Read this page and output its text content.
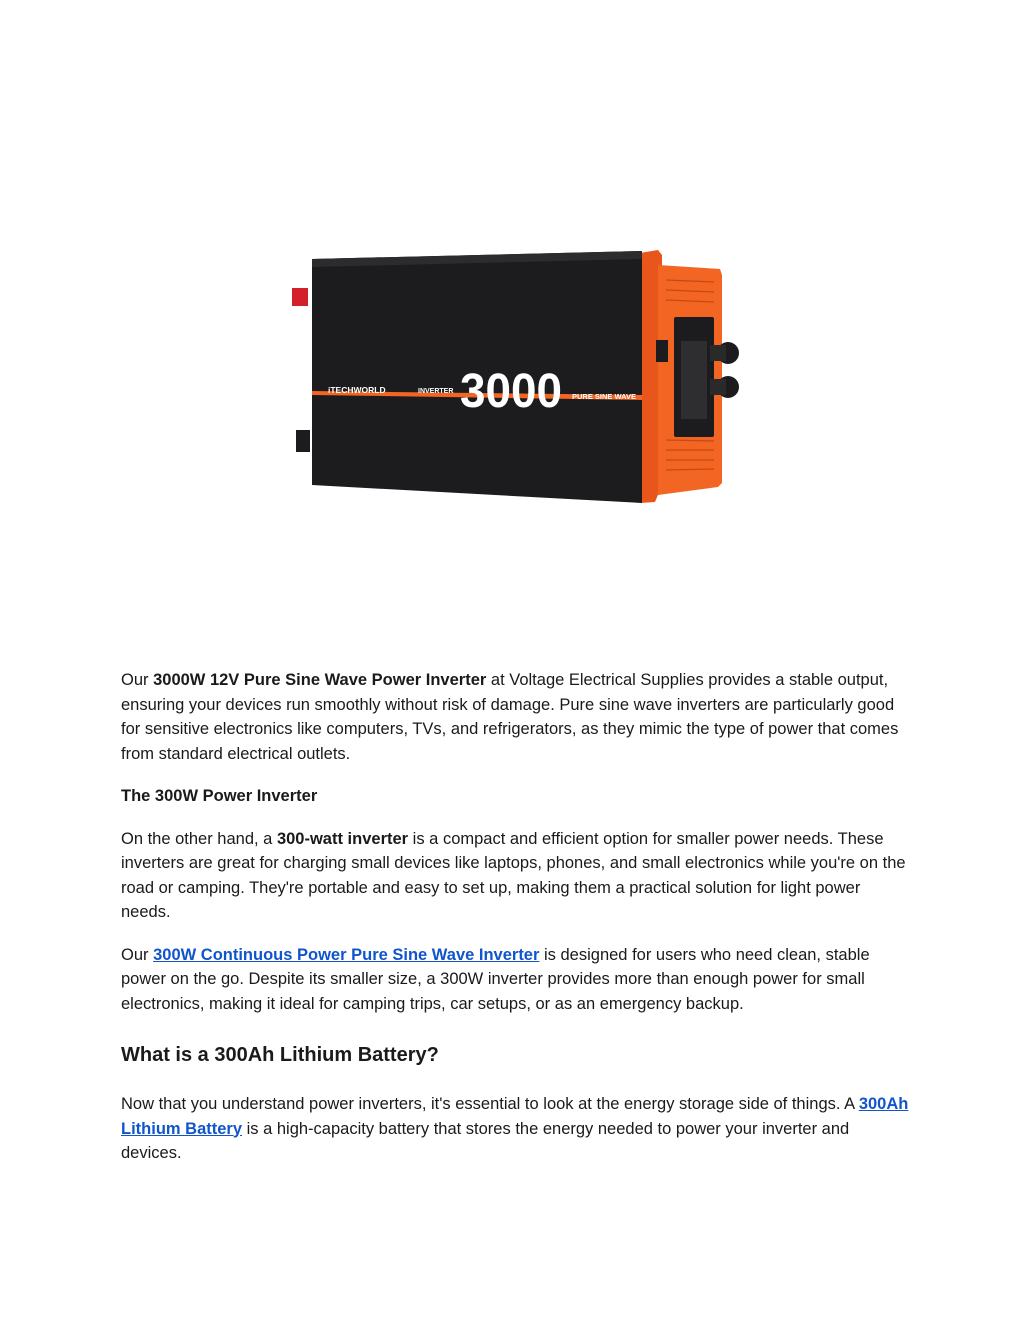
iTECHWORLD	INVERTER 3000 PURE SINE WAVE

Our 3000W 12V Pure Sine Wave Power Inverter at Voltage Electrical Supplies provides a stable output, ensuring your devices run smoothly without risk of damage. Pure sine wave inverters are particularly good for sensitive electronics like computers, TVs, and refrigerators, as they mimic the type of power that comes from standard electrical outlets.

The 300W Power Inverter

On the other hand, a 300-watt inverter is a compact and efficient option for smaller power needs. These inverters are great for charging small devices like laptops, phones, and small electronics while you're on the road or camping. They're portable and easy to set up, making them a practical solution for light power needs.

Our 300W Continuous Power Pure Sine Wave Inverter is designed for users who need clean, stable power on the go. Despite its smaller size, a 300W inverter provides more than enough power for small electronics, making it ideal for camping trips, car setups, or as an emergency backup.

What is a 300Ah Lithium Battery?

Now that you understand power inverters, it's essential to look at the energy storage side of things. A 300Ah Lithium Battery is a high-capacity battery that stores the energy needed to power your inverter and devices.
